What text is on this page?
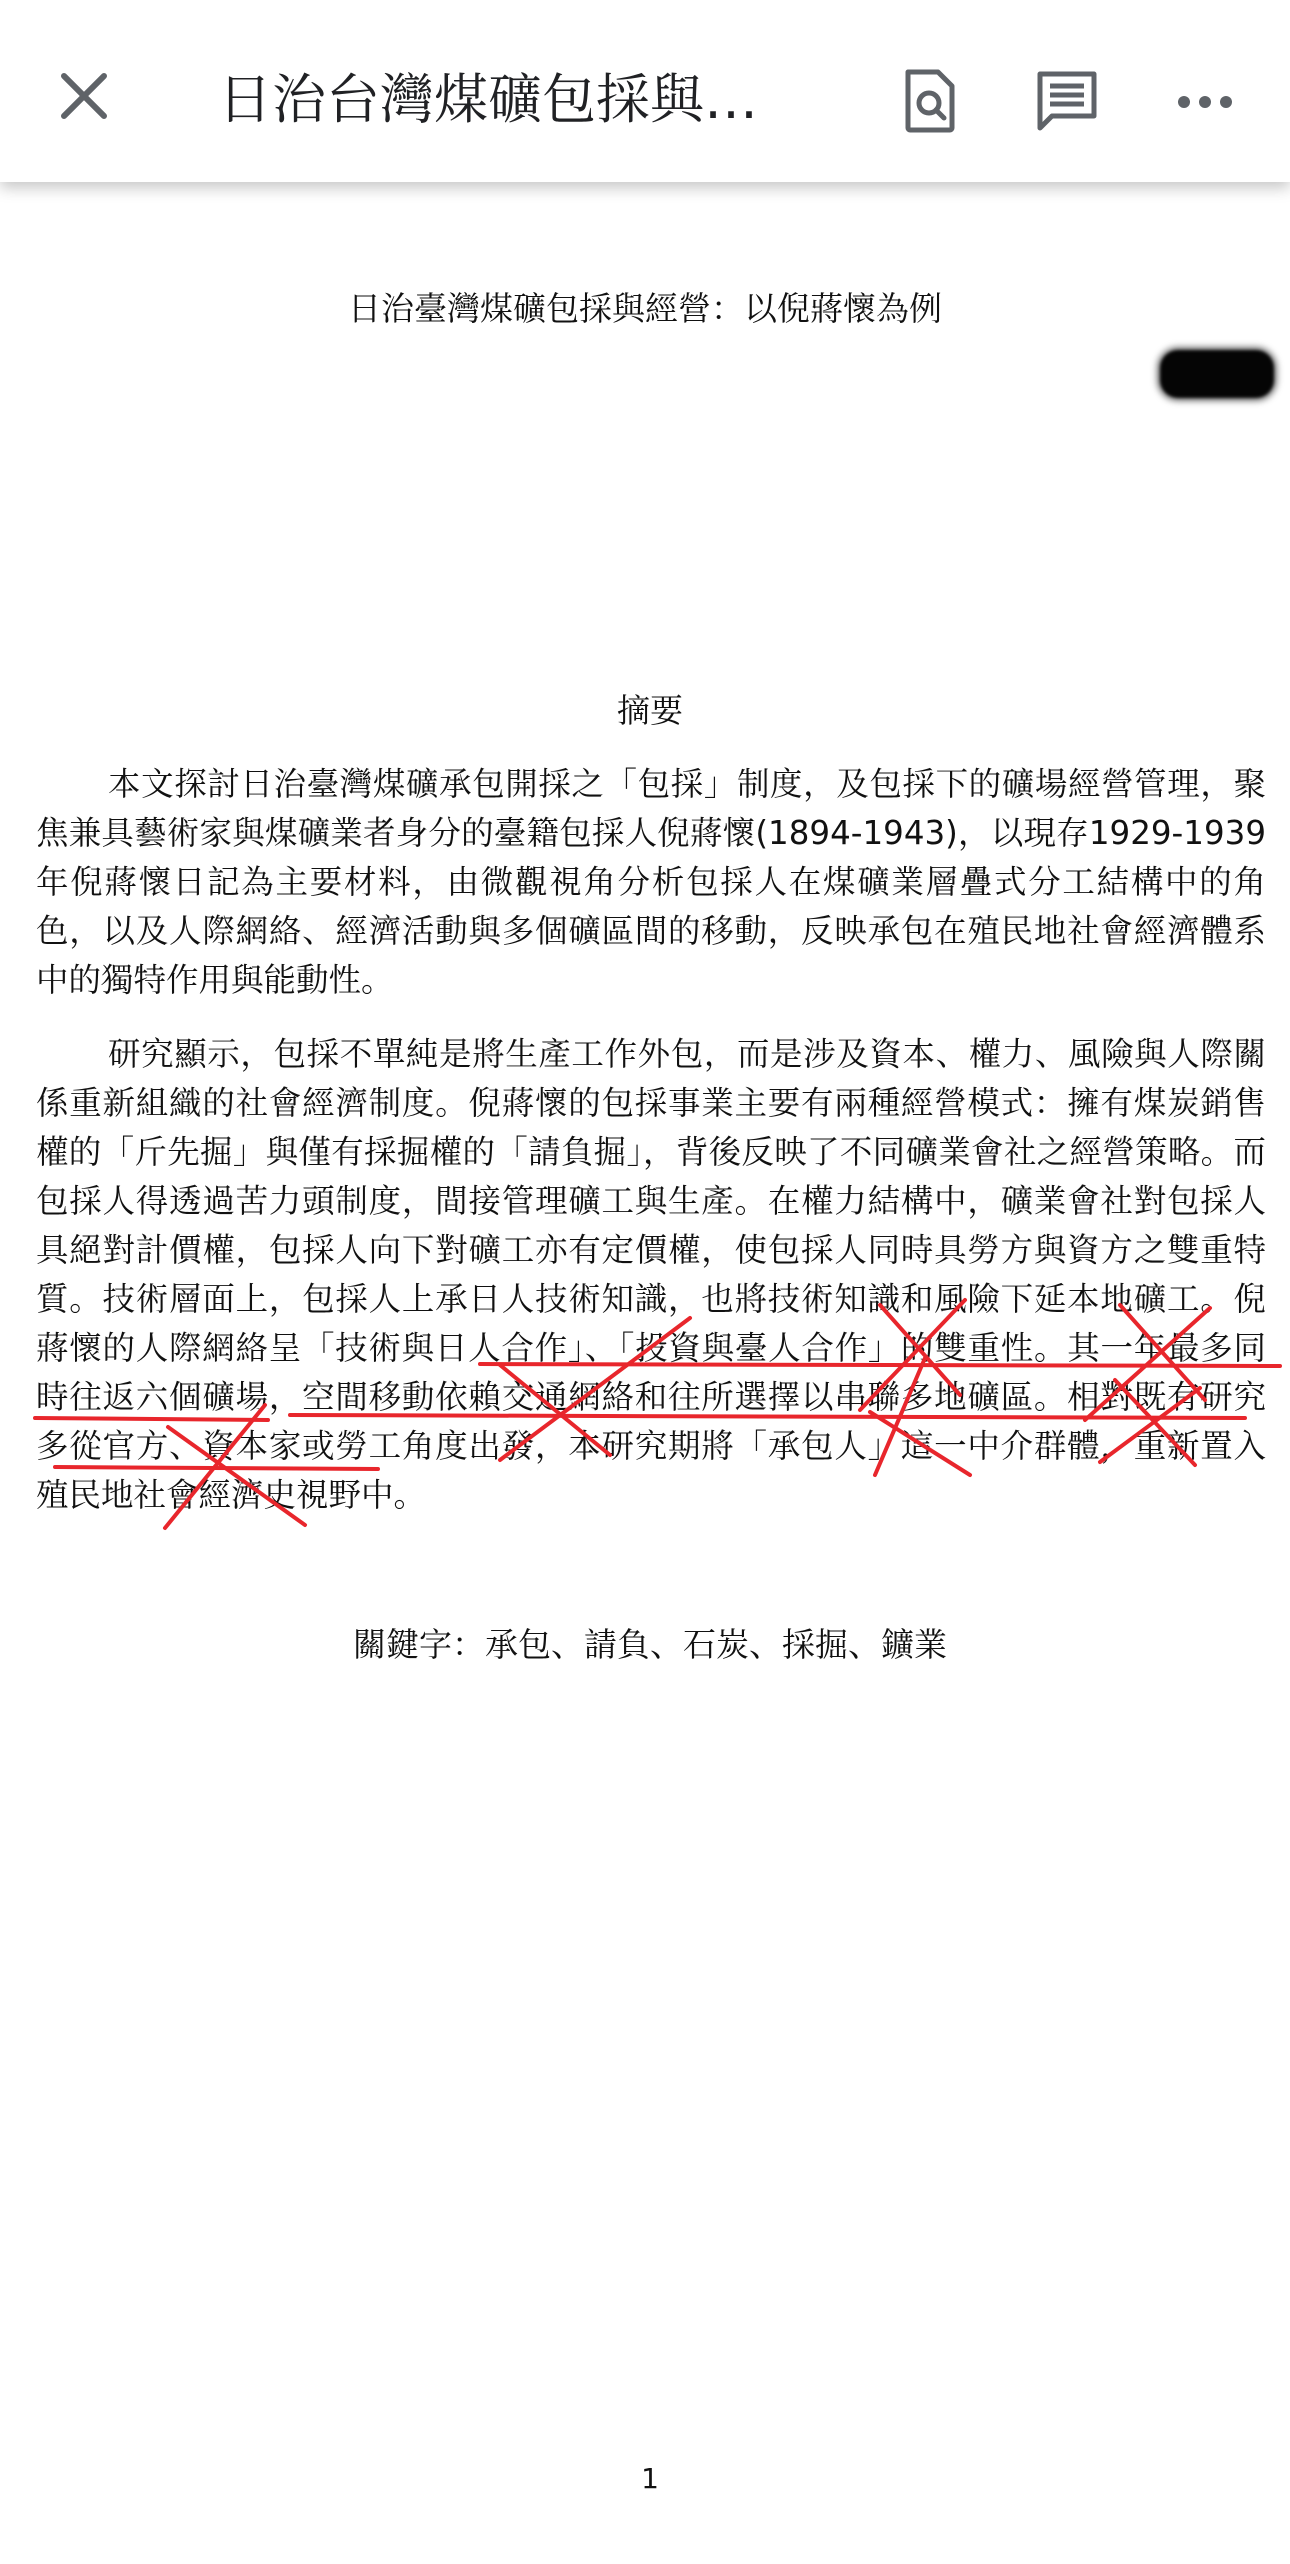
日治台灣煤礦包採與…
日治臺灣煤礦包採與經營：以倪蔣懷為例
摘要

本文探討日治臺灣煤礦承包開採之「包採」制度，及包採下的礦場經營管理，聚焦兼具藝術家與煤礦業者身分的臺籍包採人倪蔣懷(1894-1943)，以現存1929-1939年倪蔣懷日記為主要材料，由微觀視角分析包採人在煤礦業層疊式分工結構中的角色，以及人際網絡、經濟活動與多個礦區間的移動，反映承包在殖民地社會經濟體系中的獨特作用與能動性。

研究顯示，包採不單純是將生產工作外包，而是涉及資本、權力、風險與人際關係重新組織的社會經濟制度。倪蔣懷的包採事業主要有兩種經營模式：擁有煤炭銷售權的「斤先掘」與僅有採掘權的「請負掘」，背後反映了不同礦業會社之經營策略。而包採人得透過苦力頭制度，間接管理礦工與生產。在權力結構中，礦業會社對包採人具絕對計價權，包採人向下對礦工亦有定價權，使包採人同時具勞方與資方之雙重特質。技術層面上，包採人上承日人技術知識，也將技術知識和風險下延本地礦工。倪蔣懷的人際網絡呈「技術與日人合作」、「投資與臺人合作」的雙重性。其一年最多同時往返六個礦場，空間移動依賴交通網絡和往所選擇以串聯多地礦區。相對既有研究多從官方、資本家或勞工角度出發，本研究期將「承包人」這一中介群體，重新置入殖民地社會經濟史視野中。

關鍵字：承包、請負、石炭、採掘、鑛業
1
